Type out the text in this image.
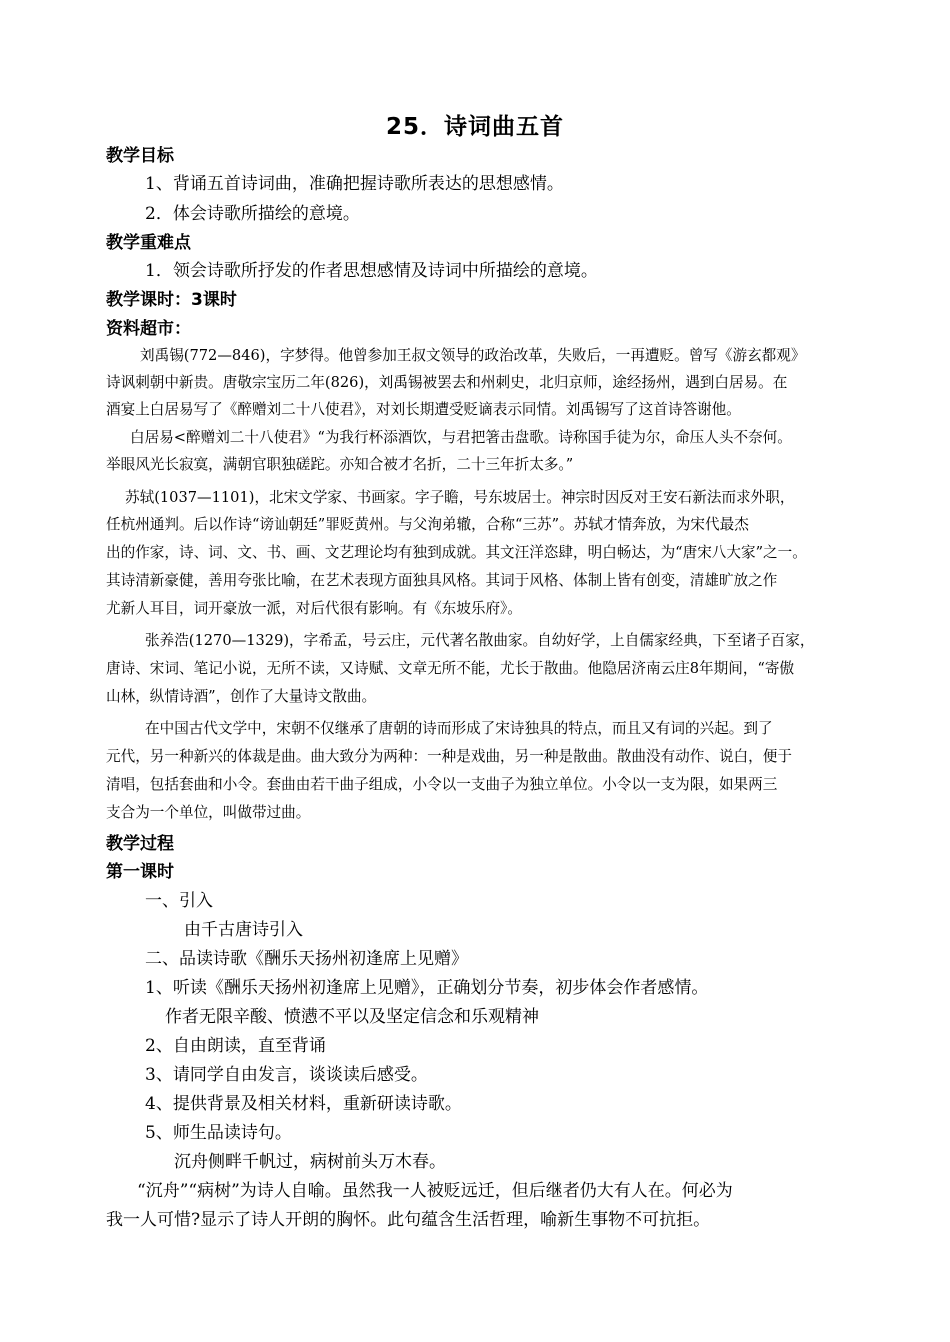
25．诗词曲五首
教学目标
1、背诵五首诗词曲，准确把握诗歌所表达的思想感情。
2．体会诗歌所描绘的意境。
教学重难点
1．领会诗歌所抒发的作者思想感情及诗词中所描绘的意境。
教学课时：3课时
资料超市：
刘禹锡(772—846)，字梦得。他曾参加王叔文领导的政治改革，失败后，一再遭贬。曾写《游玄都观》
诗讽刺朝中新贵。唐敬宗宝历二年(826)，刘禹锡被罢去和州刺史，北归京师，途经扬州，遇到白居易。在
酒宴上白居易写了《醉赠刘二十八使君》，对刘长期遭受贬谪表示同情。刘禹锡写了这首诗答谢他。
白居易<醉赠刘二十八使君》“为我行杯添酒饮，与君把箸击盘歌。诗称国手徒为尔，命压人头不奈何。
举眼风光长寂寞，满朝官职独磋跎。亦知合被才名折，二十三年折太多。”
苏轼(1037—1101)，北宋文学家、书画家。字子瞻，号东坡居士。神宗时因反对王安石新法而求外职，
任杭州通判。后以作诗“谤讪朝廷”罪贬黄州。与父洵弟辙，合称“三苏”。苏轼才情奔放，为宋代最杰
出的作家，诗、词、文、书、画、文艺理论均有独到成就。其文汪洋恣肆，明白畅达，为“唐宋八大家”之一。
其诗清新豪健，善用夸张比喻，在艺术表现方面独具风格。其词于风格、体制上皆有创变，清雄旷放之作
尤新人耳目，词开豪放一派，对后代很有影响。有《东坡乐府》。
张养浩(1270—1329)，字希孟，号云庄，元代著名散曲家。自幼好学，上自儒家经典，下至诸子百家，
唐诗、宋词、笔记小说，无所不读，又诗赋、文章无所不能，尤长于散曲。他隐居济南云庄8年期间，“寄傲
山林，纵情诗酒”，创作了大量诗文散曲。
在中国古代文学中，宋朝不仅继承了唐朝的诗而形成了宋诗独具的特点，而且又有词的兴起。到了
元代，另一种新兴的体裁是曲。曲大致分为两种：一种是戏曲，另一种是散曲。散曲没有动作、说白，便于
清唱，包括套曲和小令。套曲由若干曲子组成，小令以一支曲子为独立单位。小令以一支为限，如果两三
支合为一个单位，叫做带过曲。
教学过程
第一课时
一、引入
由千古唐诗引入
二、品读诗歌《酬乐天扬州初逢席上见赠》
1、听读《酬乐天扬州初逢席上见赠》，正确划分节奏，初步体会作者感情。
作者无限辛酸、愤懑不平以及坚定信念和乐观精神
2、自由朗读，直至背诵
3、请同学自由发言，谈谈读后感受。
4、提供背景及相关材料，重新研读诗歌。
5、师生品读诗句。
沉舟侧畔千帆过，病树前头万木春。
“沉舟”“病树”为诗人自喻。虽然我一人被贬远迁，但后继者仍大有人在。何必为
我一人可惜?显示了诗人开朗的胸怀。此句蕴含生活哲理，喻新生事物不可抗拒。
